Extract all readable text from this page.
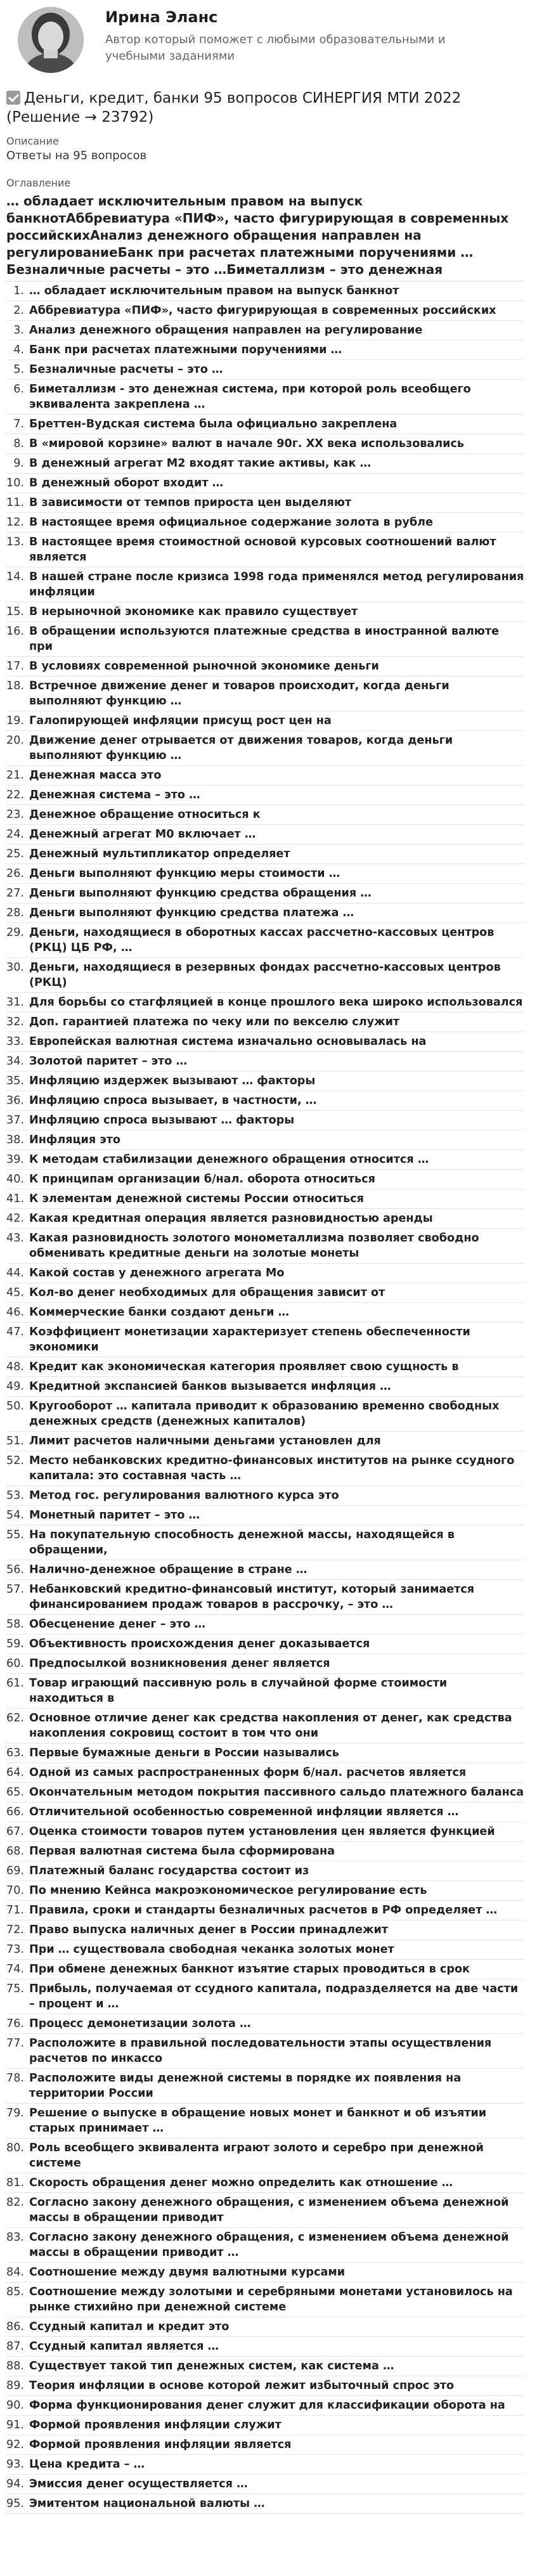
Ирина Эланс
Автор который поможет с любыми образовательными и учебными заданиями
Деньги, кредит, банки 95 вопросов СИНЕРГИЯ МТИ 2022 (Решение → 23792)
Описание
Ответы на 95 вопросов
Оглавление
… обладает исключительным правом на выпуск банкнотАббревиатура «ПИФ», часто фигурирующая в современных российскихАнализ денежного обращения направлен на регулированиеБанк при расчетах платежными поручениями …Безналичные расчеты – это …Биметаллизм – это денежная
1. … обладает исключительным правом на выпуск банкнот
2. Аббревиатура «ПИФ», часто фигурирующая в современных российских
3. Анализ денежного обращения направлен на регулирование
4. Банк при расчетах платежными поручениями …
5. Безналичные расчеты – это …
6. Биметаллизм - это денежная система, при которой роль всеобщего эквивалента закреплена …
7. Бреттен-Вудская система была официально закреплена
8. В «мировой корзине» валют в начале 90г. XX века использовались
9. В денежный агрегат М2 входят такие активы, как …
10. В денежный оборот входит …
11. В зависимости от темпов прироста цен выделяют
12. В настоящее время официальное содержание золота в рубле
13. В настоящее время стоимостной основой курсовых соотношений валют является
14. В нашей стране после кризиса 1998 года применялся метод регулирования инфляции
15. В нерыночной экономике как правило существует
16. В обращении используются платежные средства в иностранной валюте при
17. В условиях современной рыночной экономике деньги
18. Встречное движение денег и товаров происходит, когда деньги выполняют функцию …
19. Галопирующей инфляции присущ рост цен на
20. Движение денег отрывается от движения товаров, когда деньги выполняют функцию …
21. Денежная масса это
22. Денежная система – это …
23. Денежное обращение относиться к
24. Денежный агрегат М0 включает …
25. Денежный мультипликатор определяет
26. Деньги выполняют функцию меры стоимости …
27. Деньги выполняют функцию средства обращения …
28. Деньги выполняют функцию средства платежа …
29. Деньги, находящиеся в оборотных кассах рассчетно-кассовых центров (РКЦ) ЦБ РФ, …
30. Деньги, находящиеся в резервных фондах рассчетно-кассовых центров (РКЦ)
31. Для борьбы со стагфляцией в конце прошлого века широко использовался
32. Доп. гарантией платежа по чеку или по векселю служит
33. Европейская валютная система изначально основывалась на
34. Золотой паритет – это …
35. Инфляцию издержек вызывают … факторы
36. Инфляцию спроса вызывает, в частности, …
37. Инфляцию спроса вызывают … факторы
38. Инфляция это
39. К методам стабилизации денежного обращения относится …
40. К принципам организации б/нал. оборота относиться
41. К элементам денежной системы России относиться
42. Какая кредитная операция является разновидностью аренды
43. Какая разновидность золотого монометаллизма позволяет свободно обменивать кредитные деньги на золотые монеты
44. Какой состав у денежного агрегата Мо
45. Кол-во денег необходимых для обращения зависит от
46. Коммерческие банки создают деньги …
47. Коэффициент монетизации характеризует степень обеспеченности экономики
48. Кредит как экономическая категория проявляет свою сущность в
49. Кредитной экспансией банков вызывается инфляция …
50. Кругооборот … капитала приводит к образованию временно свободных денежных средств (денежных капиталов)
51. Лимит расчетов наличными деньгами установлен для
52. Место небанковских кредитно-финансовых институтов на рынке ссудного капитала: это составная часть …
53. Метод гос. регулирования валютного курса это
54. Монетный паритет – это …
55. На покупательную способность денежной массы, находящейся в обращении,
56. Налично-денежное обращение в стране …
57. Небанковский кредитно-финансовый институт, который занимается финансированием продаж товаров в рассрочку, – это …
58. Обесценение денег – это …
59. Объективность происхождения денег доказывается
60. Предпосылкой возникновения денег является
61. Товар играющий пассивную роль в случайной форме стоимости находиться в
62. Основное отличие денег как средства накопления от денег, как средства накопления сокровищ состоит в том что они
63. Первые бумажные деньги в России назывались
64. Одной из самых распространенных форм б/нал. расчетов является
65. Окончательным методом покрытия пассивного сальдо платежного баланса
66. Отличительной особенностью современной инфляции является …
67. Оценка стоимости товаров путем установления цен является функцией
68. Первая валютная система была сформирована
69. Платежный баланс государства состоит из
70. По мнению Кейнса макроэкономическое регулирование есть
71. Правила, сроки и стандарты безналичных расчетов в РФ определяет …
72. Право выпуска наличных денег в России принадлежит
73. При … существовала свободная чеканка золотых монет
74. При обмене денежных банкнот изъятие старых проводиться в срок
75. Прибыль, получаемая от ссудного капитала, подразделяется на две части – процент и …
76. Процесс демонетизации золота …
77. Расположите в правильной последовательности этапы осуществления расчетов по инкассо
78. Расположите виды денежной системы в порядке их появления на территории России
79. Решение о выпуске в обращение новых монет и банкнот и об изъятии старых принимает …
80. Роль всеобщего эквивалента играют золото и серебро при денежной системе
81. Скорость обращения денег можно определить как отношение …
82. Согласно закону денежного обращения, с изменением объема денежной массы в обращении приводит
83. Согласно закону денежного обращения, с изменением объема денежной массы в обращении приводит …
84. Соотношение между двумя валютными курсами
85. Соотношение между золотыми и серебряными монетами установилось на рынке стихийно при денежной системе
86. Ссудный капитал и кредит это
87. Ссудный капитал является …
88. Существует такой тип денежных систем, как система …
89. Теория инфляции в основе которой лежит избыточный спрос это
90. Форма функционирования денег служит для классификации оборота на
91. Формой проявления инфляции служит
92. Формой проявления инфляции является
93. Цена кредита – …
94. Эмиссия денег осуществляется …
95. Эмитентом национальной валюты …
